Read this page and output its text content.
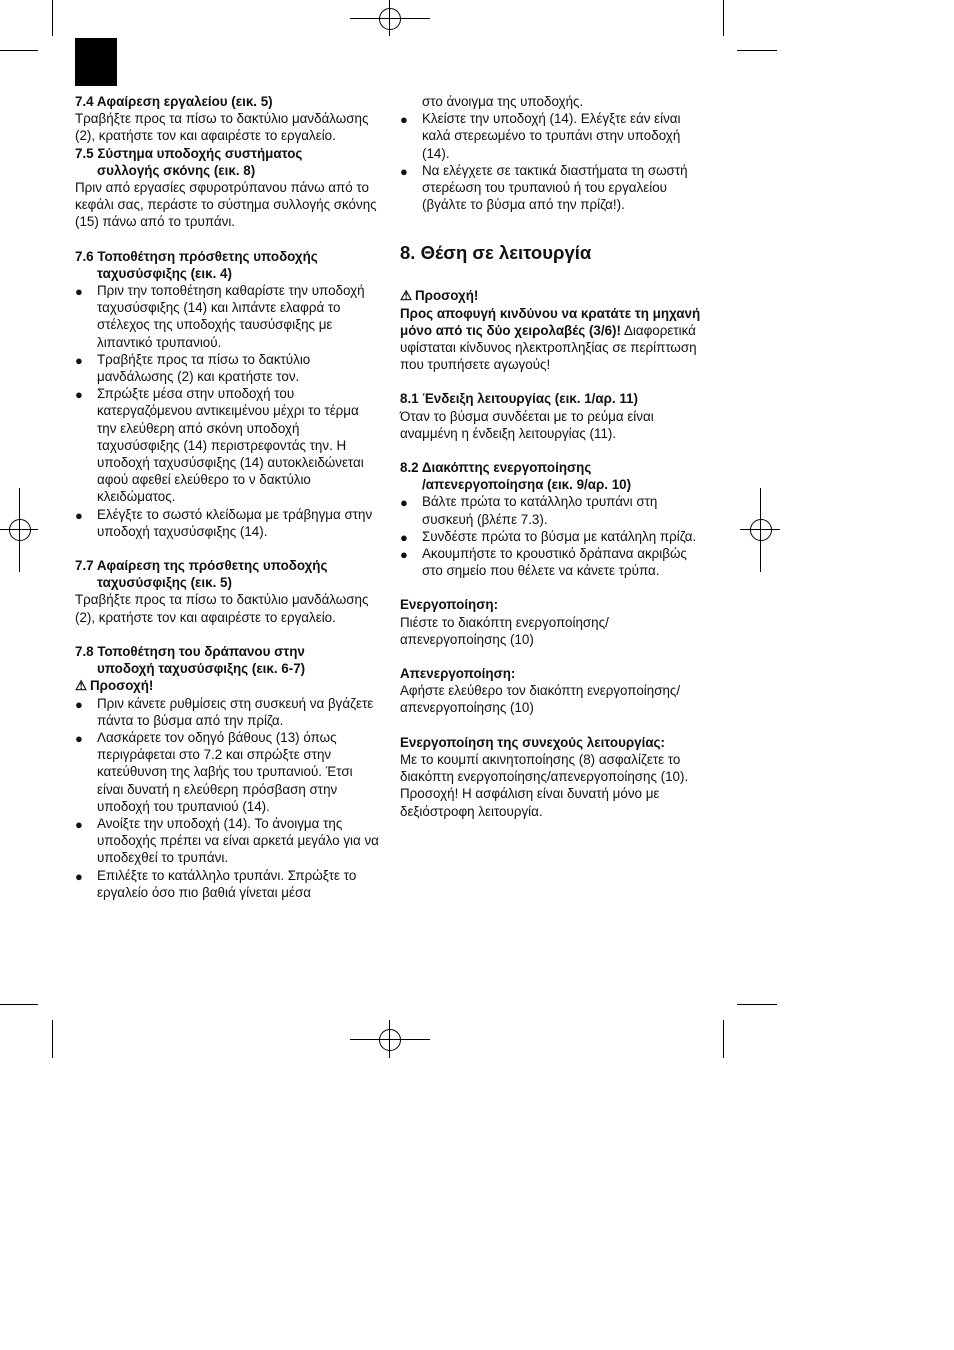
7.4 Αφαίρεση εργαλείου (εικ. 5)

Τραβήξτε προς τα πίσω το δακτύλιο μανδάλωσης (2), κρατήστε τον και αφαιρέστε το εργαλείο.

7.5 Σύστημα υποδοχής συστήματος
συλλογής σκόνης (εικ. 8)

Πριν από εργασίες σφυροτρύπανου πάνω από το κεφάλι σας, περάστε το σύστημα συλλογής σκόνης (15) πάνω από το τρυπάνι.

7.6 Τοποθέτηση πρόσθετης υποδοχής
ταχυσύσφιξης (εικ. 4)

● Πριν την τοποθέτηση καθαρίστε την υποδοχή ταχυσύσφιξης (14) και λιπάντε ελαφρά το στέλεχος της υποδοχής ταυσύσφιξης με λιπαντικό τρυπανιού.
● Τραβήξτε προς τα πίσω το δακτύλιο μανδάλωσης (2) και κρατήστε τον.
● Σπρώξτε μέσα στην υποδοχή του κατεργαζόμενου αντικειμένου μέχρι το τέρμα την ελεύθερη από σκόνη υποδοχή ταχυσύσφιξης (14) περιστρεφοντάς την. Η υποδοχή ταχυσύσφιξης (14) αυτοκλειδώνεται αφού αφεθεί ελεύθερο το ν δακτύλιο κλειδώματος.
● Ελέγξτε το σωστό κλείδωμα με τράβηγμα στην υποδοχή ταχυσύσφιξης (14).

7.7 Αφαίρεση της πρόσθετης υποδοχής
ταχυσύσφιξης (εικ. 5)

Τραβήξτε προς τα πίσω το δακτύλιο μανδάλωσης (2), κρατήστε τον και αφαιρέστε το εργαλείο.

7.8 Τοποθέτηση του δράπανου στην
υποδοχή ταχυσύσφιξης (εικ. 6-7)

⚠ Προσοχή!

● Πριν κάνετε ρυθμίσεις στη συσκευή να βγάζετε πάντα το βύσμα από την πρίζα.
● Λασκάρετε τον οδηγό βάθους (13) όπως περιγράφεται στο 7.2 και σπρώξτε στην κατεύθυνση της λαβής του τρυπανιού. Έτσι είναι δυνατή η ελεύθερη πρόσβαση στην υποδοχή του τρυπανιού (14).
● Ανοίξτε την υποδοχή (14). Το άνοιγμα της υποδοχής πρέπει να είναι αρκετά μεγάλο για να υποδεχθεί το τρυπάνι.
● Επιλέξτε το κατάλληλο τρυπάνι. Σπρώξτε το εργαλείο όσο πιο βαθιά γίνεται μέσα

στο άνοιγμα της υποδοχής.

● Κλείστε την υποδοχή (14). Ελέγξτε εάν είναι καλά στερεωμένο το τρυπάνι στην υποδοχή (14).
● Να ελέγχετε σε τακτικά διαστήματα τη σωστή στερέωση του τρυπανιού ή του εργαλείου (βγάλτε το βύσμα από την πρίζα!).

8. Θέση σε λειτουργία

⚠ Προσοχή!

Προς αποφυγή κινδύνου να κρατάτε τη μηχανή μόνο από τις δύο χειρολαβές (3/6)! Διαφορετικά υφίσταται κίνδυνος ηλεκτροπληξίας σε περίπτωση που τρυπήσετε αγωγούς!

8.1 Ένδειξη λειτουργίας (εικ. 1/αρ. 11)

Όταν το βύσμα συνδέεται με το ρεύμα είναι αναμμένη η ένδειξη λειτουργίας (11).

8.2 Διακόπτης ενεργοποίησης
/απενεργοποίησηα (εικ. 9/αρ. 10)

● Βάλτε πρώτα το κατάλληλο τρυπάνι στη συσκευή (βλέπε 7.3).
● Συνδέστε πρώτα το βύσμα με κατάληλη πρίζα.
● Ακουμπήστε το κρουστικό δράπανα ακριβώς στο σημείο που θέλετε να κάνετε τρύπα.

Ενεργοποίηση:

Πιέστε το διακόπτη ενεργοποίησης/απενεργοποίησης (10)

Απενεργοποίηση:

Αφήστε ελεύθερο τον διακόπτη ενεργοποίησης/απενεργοποίησης (10)

Ενεργοποίηση της συνεχούς λειτουργίας:

Με το κουμπί ακινητοποίησης (8) ασφαλίζετε το διακόπτη ενεργοποίησης/απενεργοποίησης (10).

Προσοχή! Η ασφάλιση είναι δυνατή μόνο με δεξιόστροφη λειτουργία.
